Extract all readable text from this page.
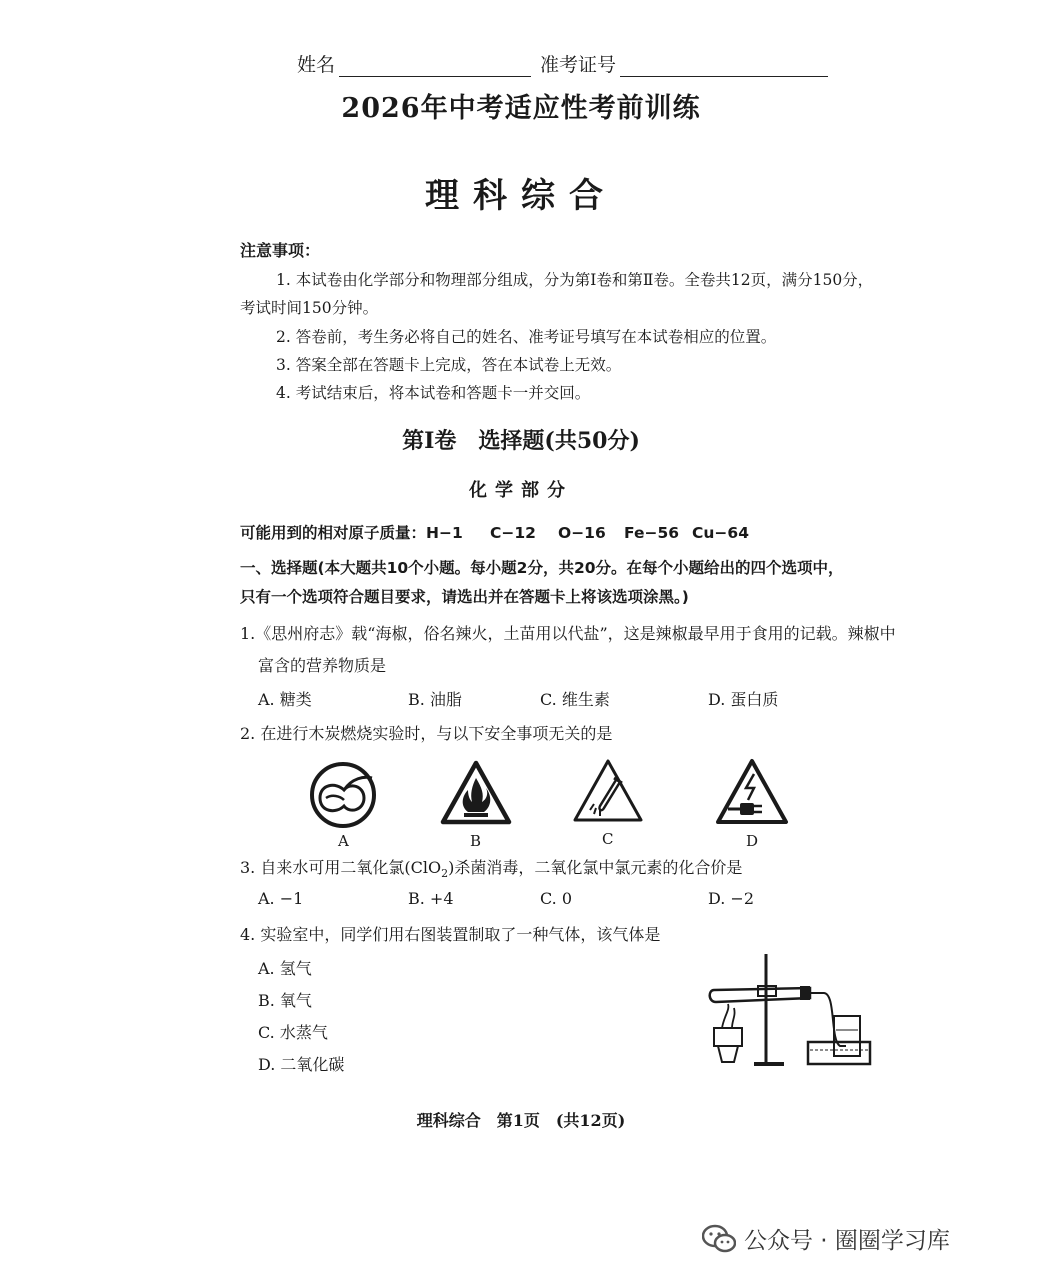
姓名	准考证号
2026年中考适应性考前训练
理科综合
注意事项：
1. 本试卷由化学部分和物理部分组成，分为第Ⅰ卷和第Ⅱ卷。全卷共12页，满分150分，
考试时间150分钟。
2. 答卷前，考生务必将自己的姓名、准考证号填写在本试卷相应的位置。
3. 答案全部在答题卡上完成，答在本试卷上无效。
4. 考试结束后，将本试卷和答题卡一并交回。
第Ⅰ卷　选择题(共50分)
化学部分
可能用到的相对原子质量：H−1 C−12 O−16 Fe−56 Cu−64
一、选择题(本大题共10个小题。每小题2分，共20分。在每个小题给出的四个选项中，
只有一个选项符合题目要求，请选出并在答题卡上将该选项涂黑。)
1.《思州府志》载“海椒，俗名辣火，土苗用以代盐”，这是辣椒最早用于食用的记载。辣椒中
富含的营养物质是
A. 糖类	B. 油脂	C. 维生素	D. 蛋白质
2. 在进行木炭燃烧实验时，与以下安全事项无关的是
A	B	C	D
3. 自来水可用二氧化氯(ClO$_2$)杀菌消毒，二氧化氯中氯元素的化合价是
A. −1	B. +4	C. 0	D. −2
4. 实验室中，同学们用右图装置制取了一种气体，该气体是
A. 氢气
B. 氧气
C. 水蒸气
D. 二氧化碳
理科综合　第1页　(共12页)
公众号 · 圈圈学习库
